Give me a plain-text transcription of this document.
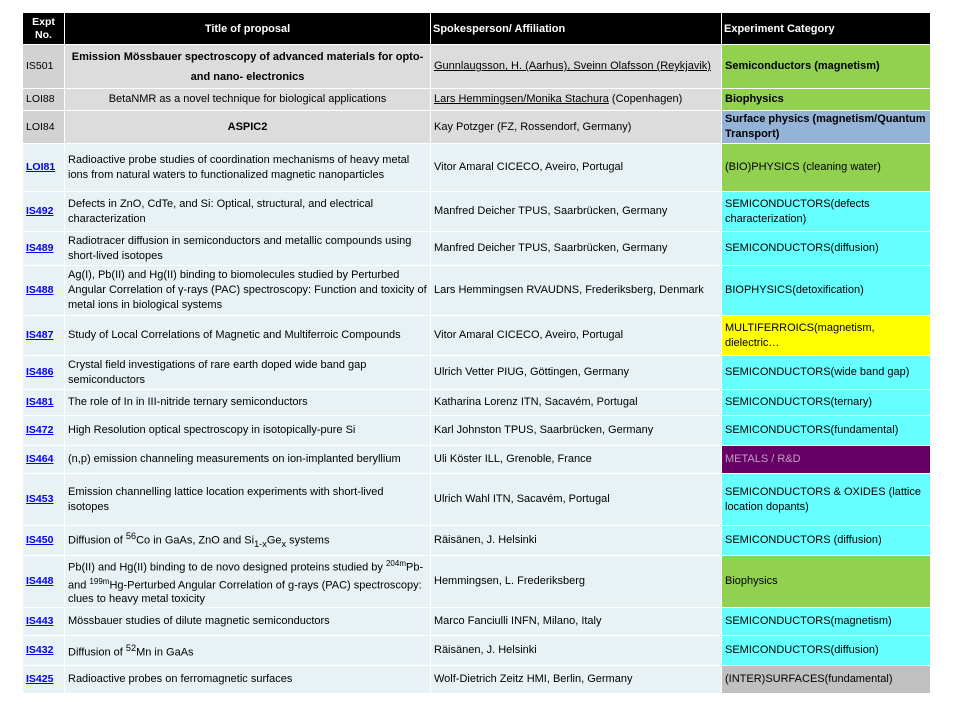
Expt No.	Title of proposal	Spokesperson/ Affiliation	Experiment Category
IS501	Emission Mössbauer spectroscopy of advanced materials for opto- and nano- electronics	Gunnlaugsson, H. (Aarhus), Sveinn Olafsson (Reykjavik)	Semiconductors (magnetism)
LOI88	BetaNMR as a novel technique for biological applications	Lars Hemmingsen/Monika Stachura (Copenhagen)	Biophysics
LOI84	ASPIC2	Kay Potzger (FZ, Rossendorf, Germany)	Surface physics (magnetism/Quantum Transport)
LOI81	Radioactive probe studies of coordination mechanisms of heavy metal ions from natural waters to functionalized magnetic nanoparticles	Vitor Amaral CICECO, Aveiro, Portugal	(BIO)PHYSICS (cleaning water)
IS492	Defects in ZnO, CdTe, and Si: Optical, structural, and electrical characterization	Manfred Deicher TPUS, Saarbrücken, Germany	SEMICONDUCTORS(defects characterization)
IS489	Radiotracer diffusion in semiconductors and metallic compounds using short-lived isotopes	Manfred Deicher TPUS, Saarbrücken, Germany	SEMICONDUCTORS(diffusion)
IS488	Ag(I), Pb(II) and Hg(II) binding to biomolecules studied by Perturbed Angular Correlation of γ-rays (PAC) spectroscopy: Function and toxicity of metal ions in biological systems	Lars Hemmingsen RVAUDNS, Frederiksberg, Denmark	BIOPHYSICS(detoxification)
IS487	Study of Local Correlations of Magnetic and Multiferroic Compounds	Vitor Amaral CICECO, Aveiro, Portugal	MULTIFERROICS(magnetism, dielectric…
IS486	Crystal field investigations of rare earth doped wide band gap semiconductors	Ulrich Vetter PIUG, Göttingen, Germany	SEMICONDUCTORS(wide band gap)
IS481	The role of In in III-nitride ternary semiconductors	Katharina Lorenz ITN, Sacavém, Portugal	SEMICONDUCTORS(ternary)
IS472	High Resolution optical spectroscopy in isotopically-pure Si	Karl Johnston TPUS, Saarbrücken, Germany	SEMICONDUCTORS(fundamental)
IS464	(n,p) emission channeling measurements on ion-implanted beryllium	Uli Köster ILL, Grenoble, France	METALS / R&D
IS453	Emission channelling lattice location experiments with short-lived isotopes	Ulrich Wahl ITN, Sacavém, Portugal	SEMICONDUCTORS & OXIDES (lattice location dopants)
IS450	Diffusion of $^{56}$Co in GaAs, ZnO and $Si_{1-x}Ge_x$ systems	Räisänen, J. Helsinki	SEMICONDUCTORS (diffusion)
IS448	Pb(II) and Hg(II) binding to de novo designed proteins studied by $^{204m}$Pb- and $^{199m}$Hg-Perturbed Angular Correlation of g-rays (PAC) spectroscopy: clues to heavy metal toxicity	Hemmingsen, L. Frederiksberg	Biophysics
IS443	Mössbauer studies of dilute magnetic semiconductors	Marco Fanciulli INFN, Milano, Italy	SEMICONDUCTORS(magnetism)
IS432	Diffusion of $^{52}$Mn in GaAs	Räisänen, J. Helsinki	SEMICONDUCTORS(diffusion)
IS425	Radioactive probes on ferromagnetic surfaces	Wolf-Dietrich Zeitz HMI, Berlin, Germany	(INTER)SURFACES(fundamental)
